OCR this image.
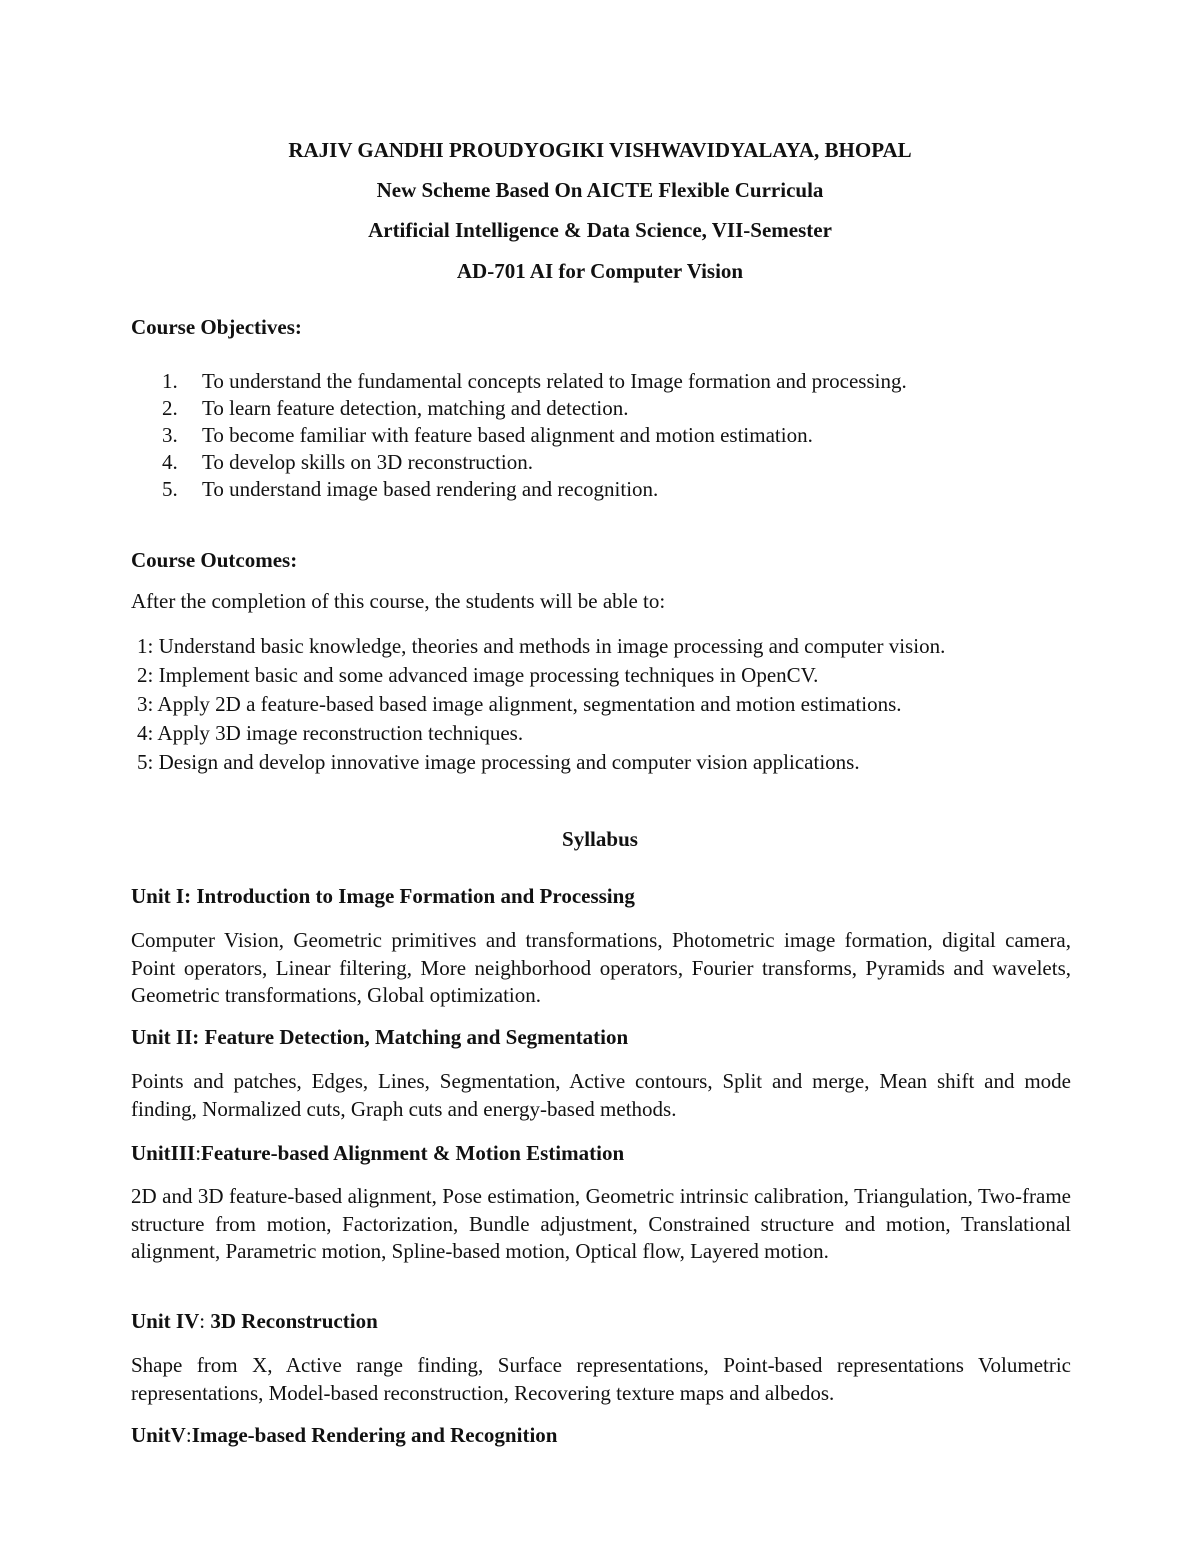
RAJIV GANDHI PROUDYOGIKI VISHWAVIDYALAYA, BHOPAL

New Scheme Based On AICTE Flexible Curricula

Artificial Intelligence & Data Science, VII-Semester

AD-701 AI for Computer Vision

Course Objectives:

1. To understand the fundamental concepts related to Image formation and processing.
2. To learn feature detection, matching and detection.
3. To become familiar with feature based alignment and motion estimation.
4. To develop skills on 3D reconstruction.
5. To understand image based rendering and recognition.

Course Outcomes:

After the completion of this course, the students will be able to:

1: Understand basic knowledge, theories and methods in image processing and computer vision.
2: Implement basic and some advanced image processing techniques in OpenCV.
3: Apply 2D a feature-based based image alignment, segmentation and motion estimations.
4: Apply 3D image reconstruction techniques.
5: Design and develop innovative image processing and computer vision applications.

Syllabus

Unit I: Introduction to Image Formation and Processing

Computer Vision, Geometric primitives and transformations, Photometric image formation, digital camera, Point operators, Linear filtering, More neighborhood operators, Fourier transforms, Pyramids and wavelets, Geometric transformations, Global optimization.

Unit II: Feature Detection, Matching and Segmentation

Points and patches, Edges, Lines, Segmentation, Active contours, Split and merge, Mean shift and mode finding, Normalized cuts, Graph cuts and energy-based methods.

UnitIII:Feature-based Alignment & Motion Estimation

2D and 3D feature-based alignment, Pose estimation, Geometric intrinsic calibration, Triangulation, Two-frame structure from motion, Factorization, Bundle adjustment, Constrained structure and motion, Translational alignment, Parametric motion, Spline-based motion, Optical flow, Layered motion.

Unit IV: 3D Reconstruction

Shape from X, Active range finding, Surface representations, Point-based representations Volumetric representations, Model-based reconstruction, Recovering texture maps and albedos.

UnitV:Image-based Rendering and Recognition
